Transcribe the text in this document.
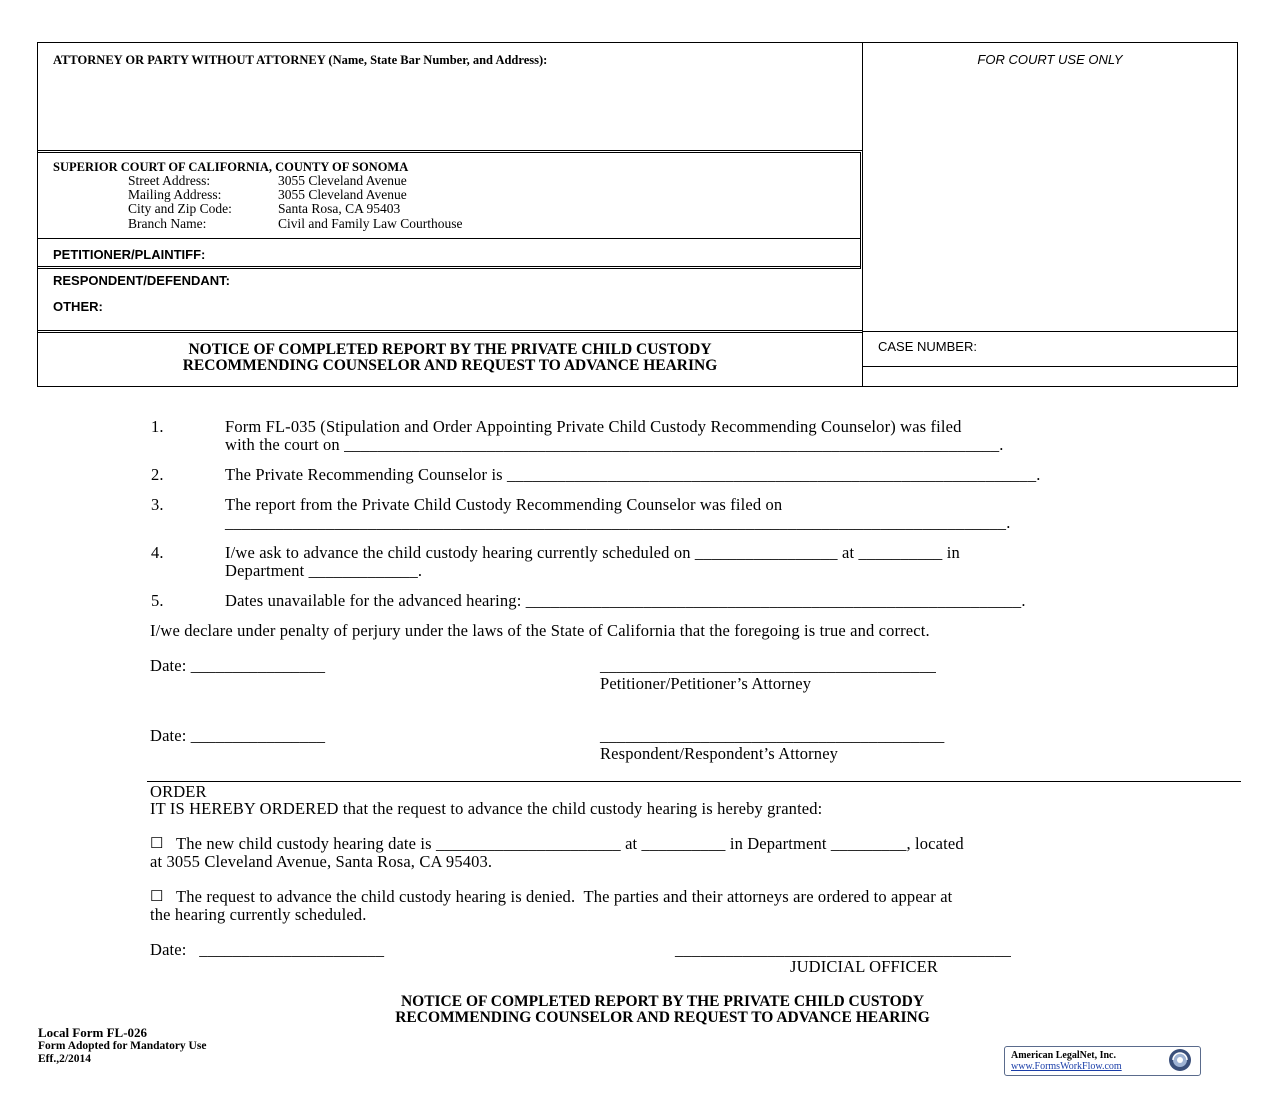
ATTORNEY OR PARTY WITHOUT ATTORNEY (Name, State Bar Number, and Address):	FOR COURT USE ONLY
SUPERIOR COURT OF CALIFORNIA, COUNTY OF SONOMA
Street Address:	3055 Cleveland Avenue
Mailing Address:	3055 Cleveland Avenue
City and Zip Code:	Santa Rosa, CA 95403
Branch Name:	Civil and Family Law Courthouse
PETITIONER/PLAINTIFF:
RESPONDENT/DEFENDANT:
OTHER:
NOTICE OF COMPLETED REPORT BY THE PRIVATE CHILD CUSTODY
RECOMMENDING COUNSELOR AND REQUEST TO ADVANCE HEARING
CASE NUMBER:
1.	Form FL-035 (Stipulation and Order Appointing Private Child Custody Recommending Counselor) was filed
with the court on ______________________________________________________________________________.
2.	The Private Recommending Counselor is _______________________________________________________________.
3.	The report from the Private Child Custody Recommending Counselor was filed on
_____________________________________________________________________________________________.
4.	I/we ask to advance the child custody hearing currently scheduled on _________________ at __________ in
Department _____________.
5.	Dates unavailable for the advanced hearing: ___________________________________________________________.
I/we declare under penalty of perjury under the laws of the State of California that the foregoing is true and correct.
Date: ________________	________________________________________
Petitioner/Petitioner’s Attorney
Date: ________________	_________________________________________
Respondent/Respondent’s Attorney
ORDER
IT IS HEREBY ORDERED that the request to advance the child custody hearing is hereby granted:
☐ The new child custody hearing date is ______________________ at __________ in Department _________, located
at 3055 Cleveland Avenue, Santa Rosa, CA 95403.
☐ The request to advance the child custody hearing is denied.  The parties and their attorneys are ordered to appear at
the hearing currently scheduled.
Date:   ______________________	________________________________________
JUDICIAL OFFICER
NOTICE OF COMPLETED REPORT BY THE PRIVATE CHILD CUSTODY
RECOMMENDING COUNSELOR AND REQUEST TO ADVANCE HEARING
Local Form FL-026
Form Adopted for Mandatory Use
Eff.,2/2014	American LegalNet, Inc.
www.FormsWorkFlow.com
